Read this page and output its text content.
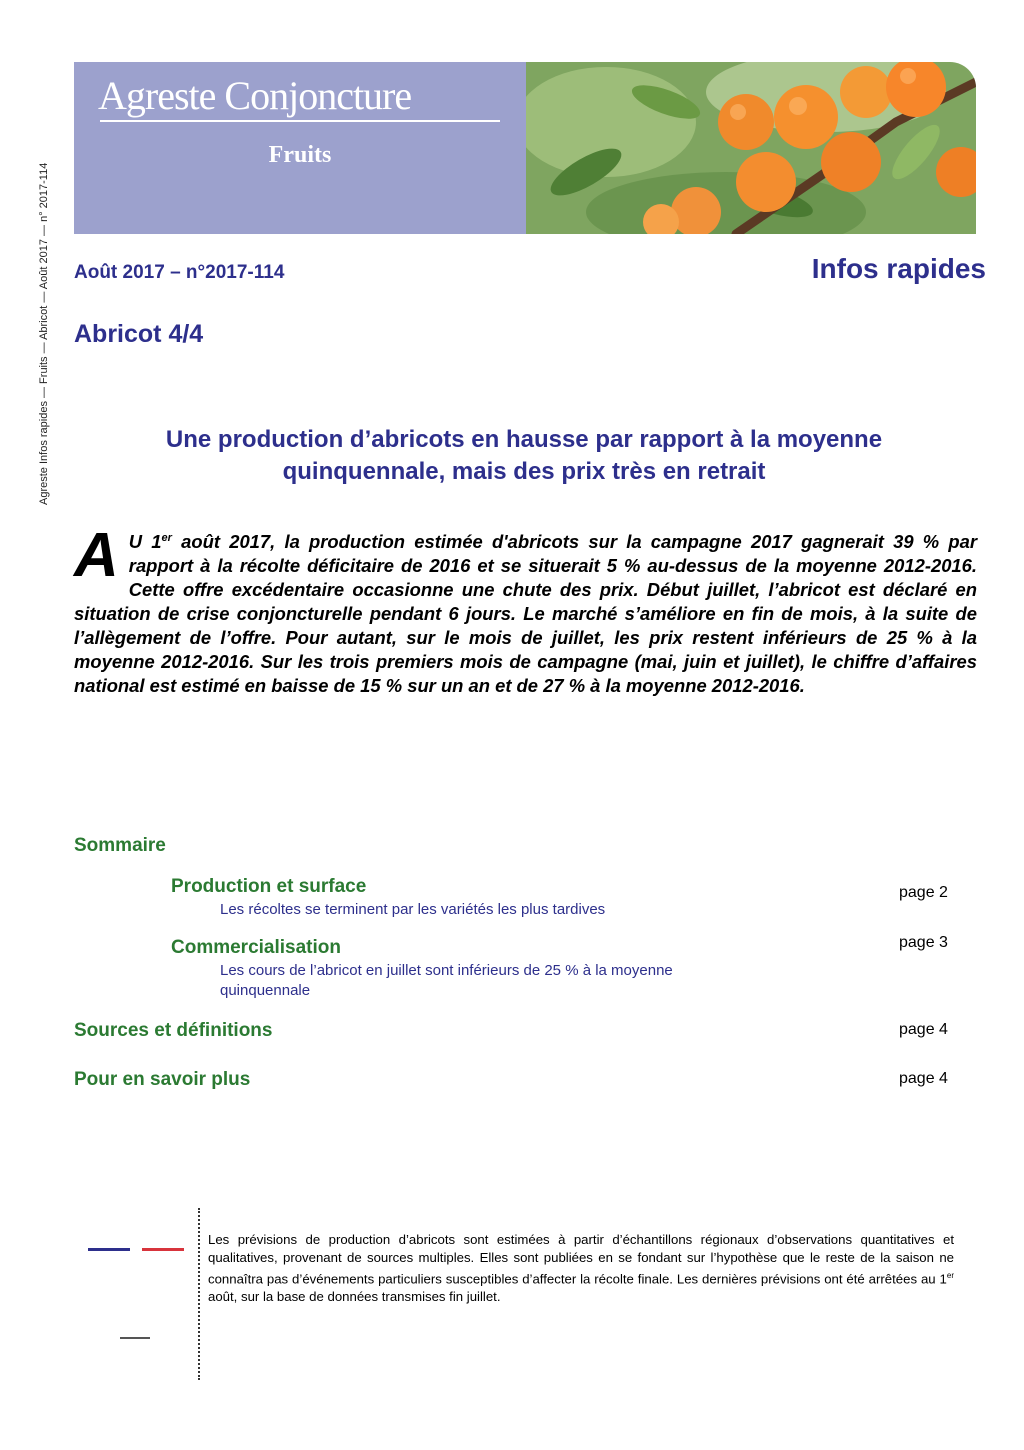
Agreste Infos rapides — Fruits — Abricot — Août 2017 — n° 2017-114
Agreste Conjoncture
Fruits
Août 2017 – n°2017-114	Infos rapides
Abricot 4/4
Une production d’abricots en hausse par rapport à la moyenne
quinquennale, mais des prix très en retrait
A U 1er août 2017, la production estimée d'abricots sur la campagne 2017 gagnerait 39 % par rapport à la récolte déficitaire de 2016 et se situerait 5 % au-dessus de la moyenne 2012-2016. Cette offre excédentaire occasionne une chute des prix. Début juillet, l’abricot est déclaré en situation de crise conjoncturelle pendant 6 jours. Le marché s’améliore en fin de mois, à la suite de l’allègement de l’offre. Pour autant, sur le mois de juillet, les prix restent inférieurs de 25 % à la moyenne 2012-2016. Sur les trois premiers mois de campagne (mai, juin et juillet), le chiffre d’affaires national est estimé en baisse de 15 % sur un an et de 27 % à la moyenne 2012-2016.
Sommaire
Production et surface
Les récoltes se terminent par les variétés les plus tardives
page 2
Commercialisation
Les cours de l’abricot en juillet sont inférieurs de 25 % à la moyenne
quinquennale
page 3
Sources et définitions	page 4
Pour en savoir plus	page 4
Les prévisions de production d’abricots sont estimées à partir d’échantillons régionaux d’observations quantitatives et qualitatives, provenant de sources multiples. Elles sont publiées en se fondant sur l’hypothèse que le reste de la saison ne connaîtra pas d’événements particuliers susceptibles d’affecter la récolte finale. Les dernières prévisions ont été arrêtées au 1er août, sur la base de données transmises fin juillet.
